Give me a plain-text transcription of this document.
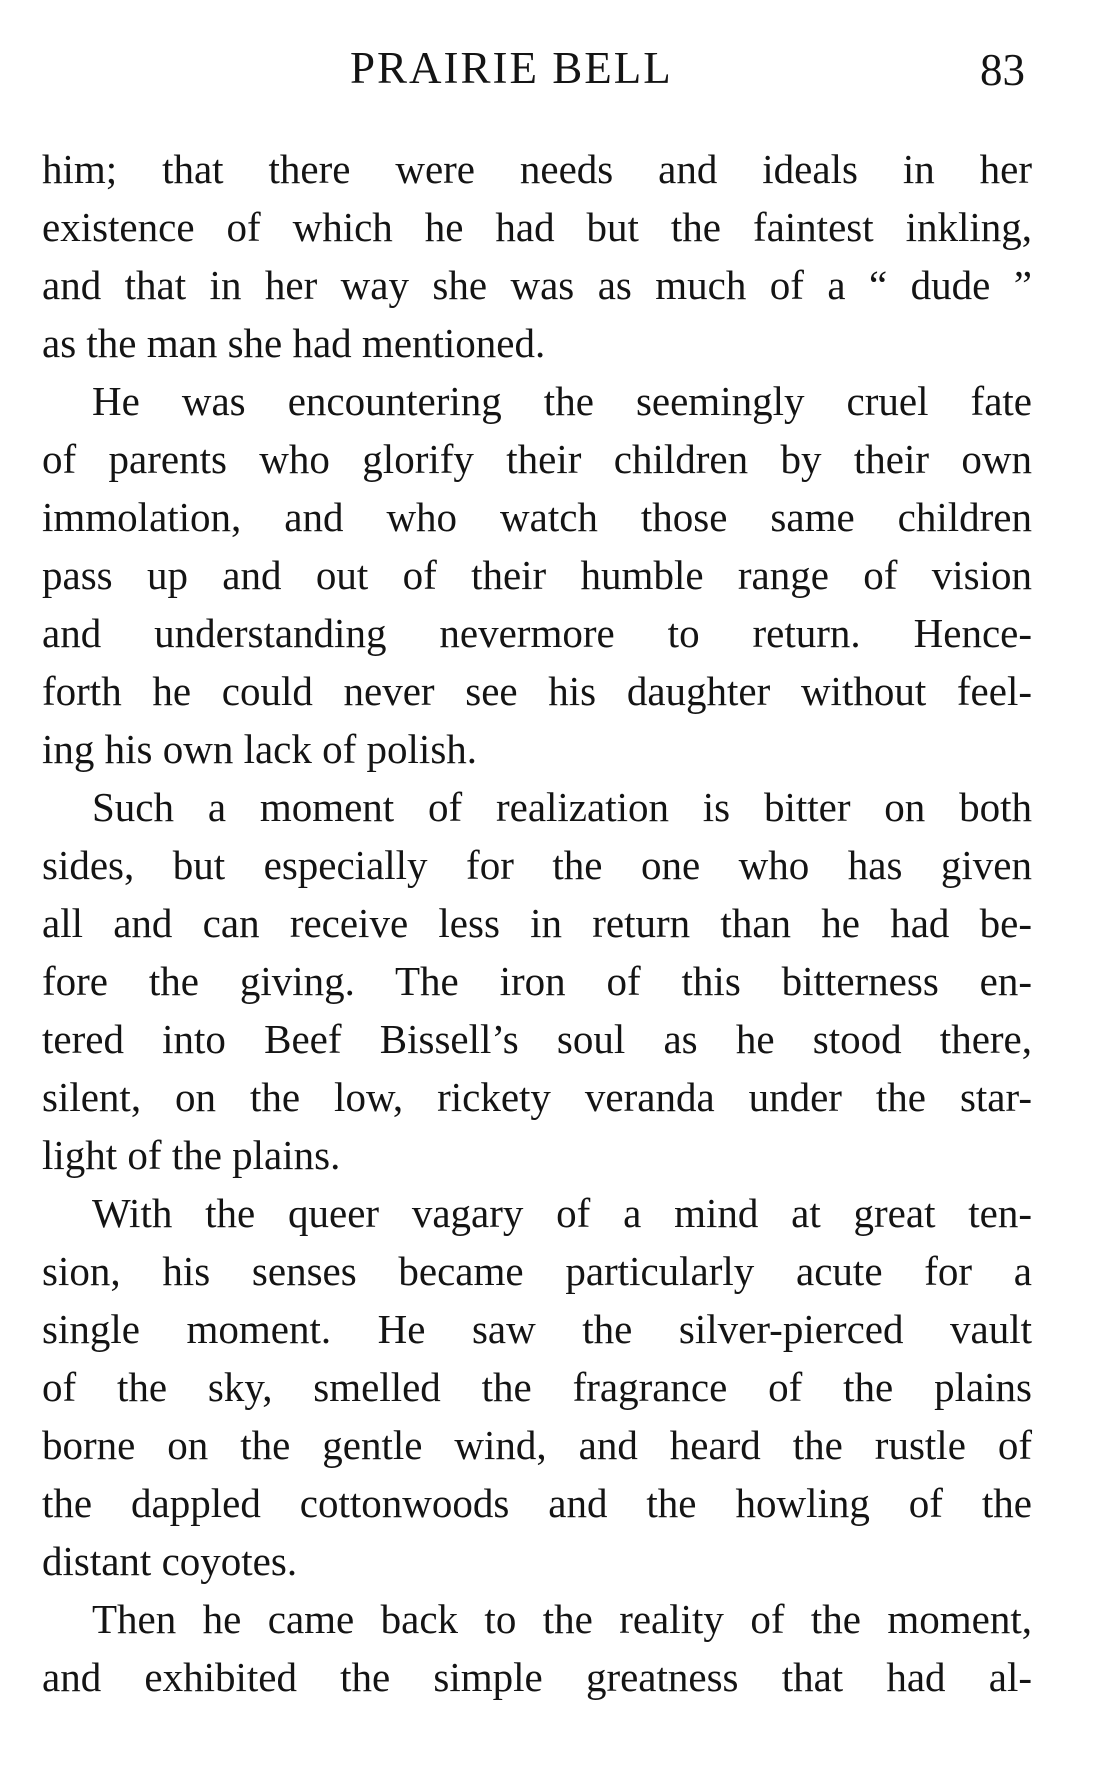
PRAIRIE BELL	83
him; that there were needs and ideals in her
existence of which he had but the faintest inkling,
and that in her way she was as much of a “ dude ”
as the man she had mentioned.
He was encountering the seemingly cruel fate
of parents who glorify their children by their own
immolation, and who watch those same children
pass up and out of their humble range of vision
and understanding nevermore to return. Hence-
forth he could never see his daughter without feel-
ing his own lack of polish.
Such a moment of realization is bitter on both
sides, but especially for the one who has given
all and can receive less in return than he had be-
fore the giving. The iron of this bitterness en-
tered into Beef Bissell’s soul as he stood there,
silent, on the low, rickety veranda under the star-
light of the plains.
With the queer vagary of a mind at great ten-
sion, his senses became particularly acute for a
single moment. He saw the silver-pierced vault
of the sky, smelled the fragrance of the plains
borne on the gentle wind, and heard the rustle of
the dappled cottonwoods and the howling of the
distant coyotes.
Then he came back to the reality of the moment,
and exhibited the simple greatness that had al-
